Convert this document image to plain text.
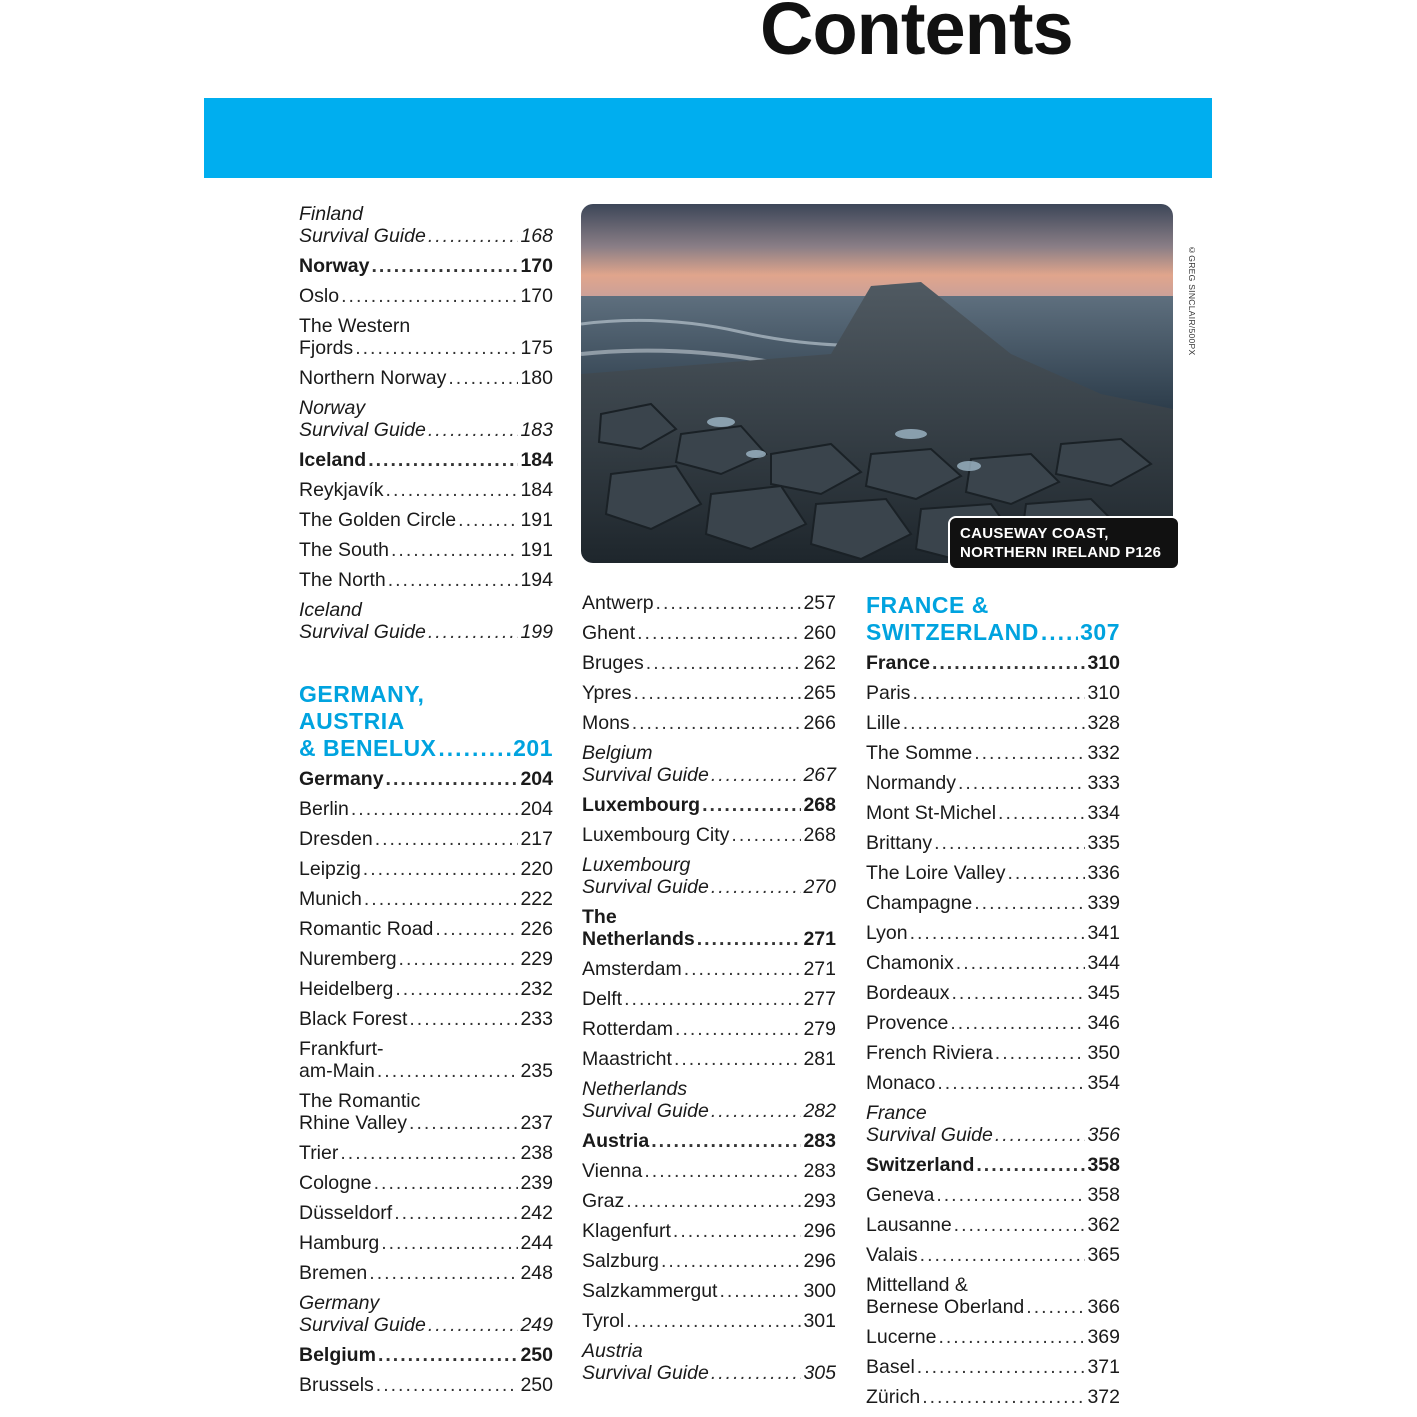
Contents
Finland
Survival Guide .....	168
Norway .....	170
Oslo .....	170
The Western
Fjords .....	175
Northern Norway .....	180
Norway
Survival Guide .....	183
Iceland .....	184
Reykjavík .....	184
The Golden Circle .....	191
The South .....	191
The North .....	194
Iceland
Survival Guide .....	199
GERMANY,
AUSTRIA
& BENELUX .....	201
Germany .....	204
Berlin .....	204
Dresden .....	217
Leipzig .....	220
Munich .....	222
Romantic Road .....	226
Nuremberg .....	229
Heidelberg .....	232
Black Forest .....	233
Frankfurt-
am-Main .....	235
The Romantic
Rhine Valley .....	237
Trier .....	238
Cologne .....	239
Düsseldorf .....	242
Hamburg .....	244
Bremen .....	248
Germany
Survival Guide .....	249
Belgium .....	250
Brussels .....	250
CAUSEWAY COAST,
NORTHERN IRELAND P126
©GREG SINCLAIR/500PX
Antwerp .....	257
Ghent .....	260
Bruges .....	262
Ypres .....	265
Mons .....	266
Belgium
Survival Guide .....	267
Luxembourg .....	268
Luxembourg City .....	268
Luxembourg
Survival Guide .....	270
The
Netherlands .....	271
Amsterdam .....	271
Delft .....	277
Rotterdam .....	279
Maastricht .....	281
Netherlands
Survival Guide .....	282
Austria .....	283
Vienna .....	283
Graz .....	293
Klagenfurt .....	296
Salzburg .....	296
Salzkammergut .....	300
Tyrol .....	301
Austria
Survival Guide .....	305
FRANCE &
SWITZERLAND ..... 307
France .....	310
Paris .....	310
Lille .....	328
The Somme .....	332
Normandy .....	333
Mont St-Michel .....	334
Brittany .....	335
The Loire Valley .....	336
Champagne .....	339
Lyon .....	341
Chamonix .....	344
Bordeaux .....	345
Provence .....	346
French Riviera .....	350
Monaco .....	354
France
Survival Guide .....	356
Switzerland .....	358
Geneva .....	358
Lausanne .....	362
Valais .....	365
Mittelland &
Bernese Oberland .....	366
Lucerne .....	369
Basel .....	371
Zürich .....	372
